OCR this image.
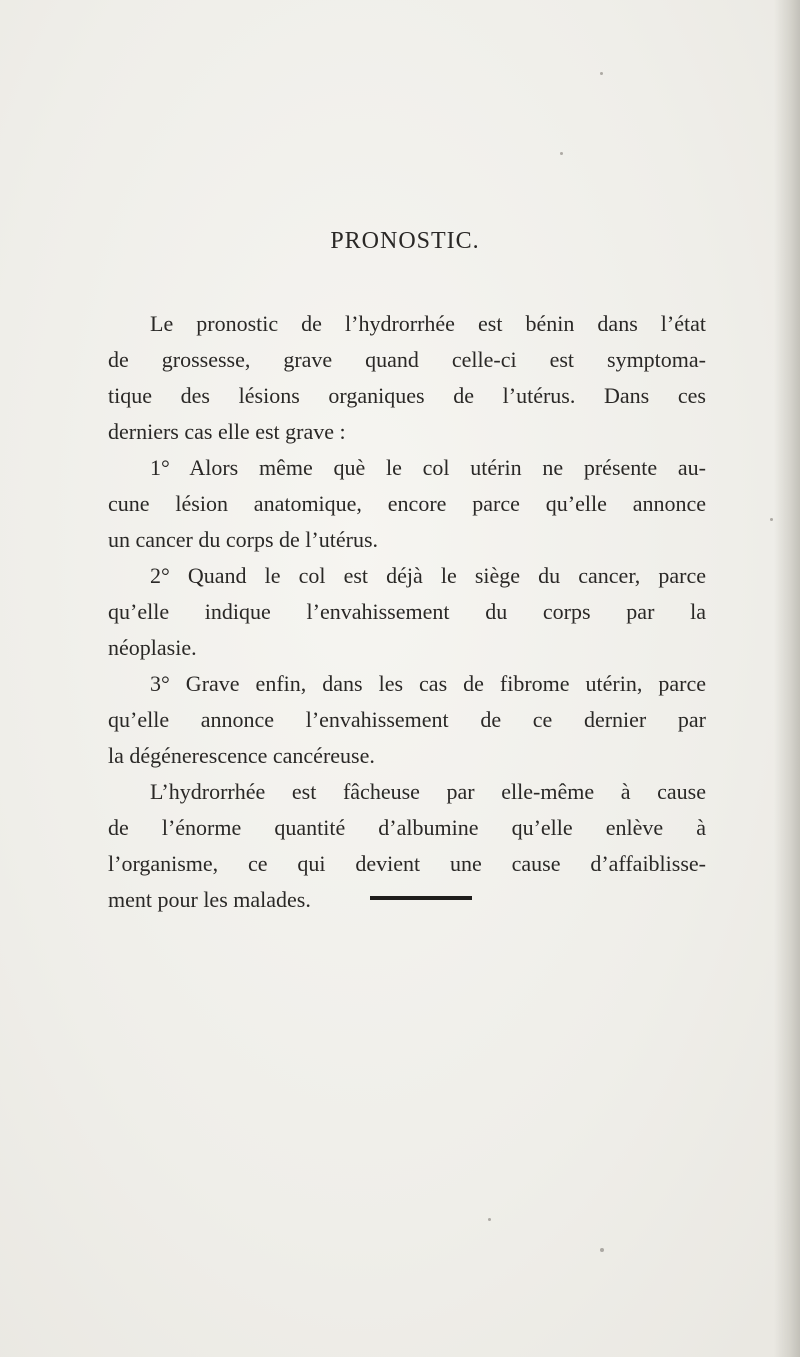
PRONOSTIC.
Le pronostic de l’hydrorrhée est bénin dans l’état
de grossesse, grave quand celle-ci est symptoma-
tique des lésions organiques de l’utérus. Dans ces
derniers cas elle est grave :
1° Alors même què le col utérin ne présente au-
cune lésion anatomique, encore parce qu’elle annonce
un cancer du corps de l’utérus.
2° Quand le col est déjà le siège du cancer, parce
qu’elle indique l’envahissement du corps par la
néoplasie.
3° Grave enfin, dans les cas de fibrome utérin, parce
qu’elle annonce l’envahissement de ce dernier par
la dégénerescence cancéreuse.
L’hydrorrhée est fâcheuse par elle-même à cause
de l’énorme quantité d’albumine qu’elle enlève à
l’organisme, ce qui devient une cause d’affaiblisse-
ment pour les malades.
